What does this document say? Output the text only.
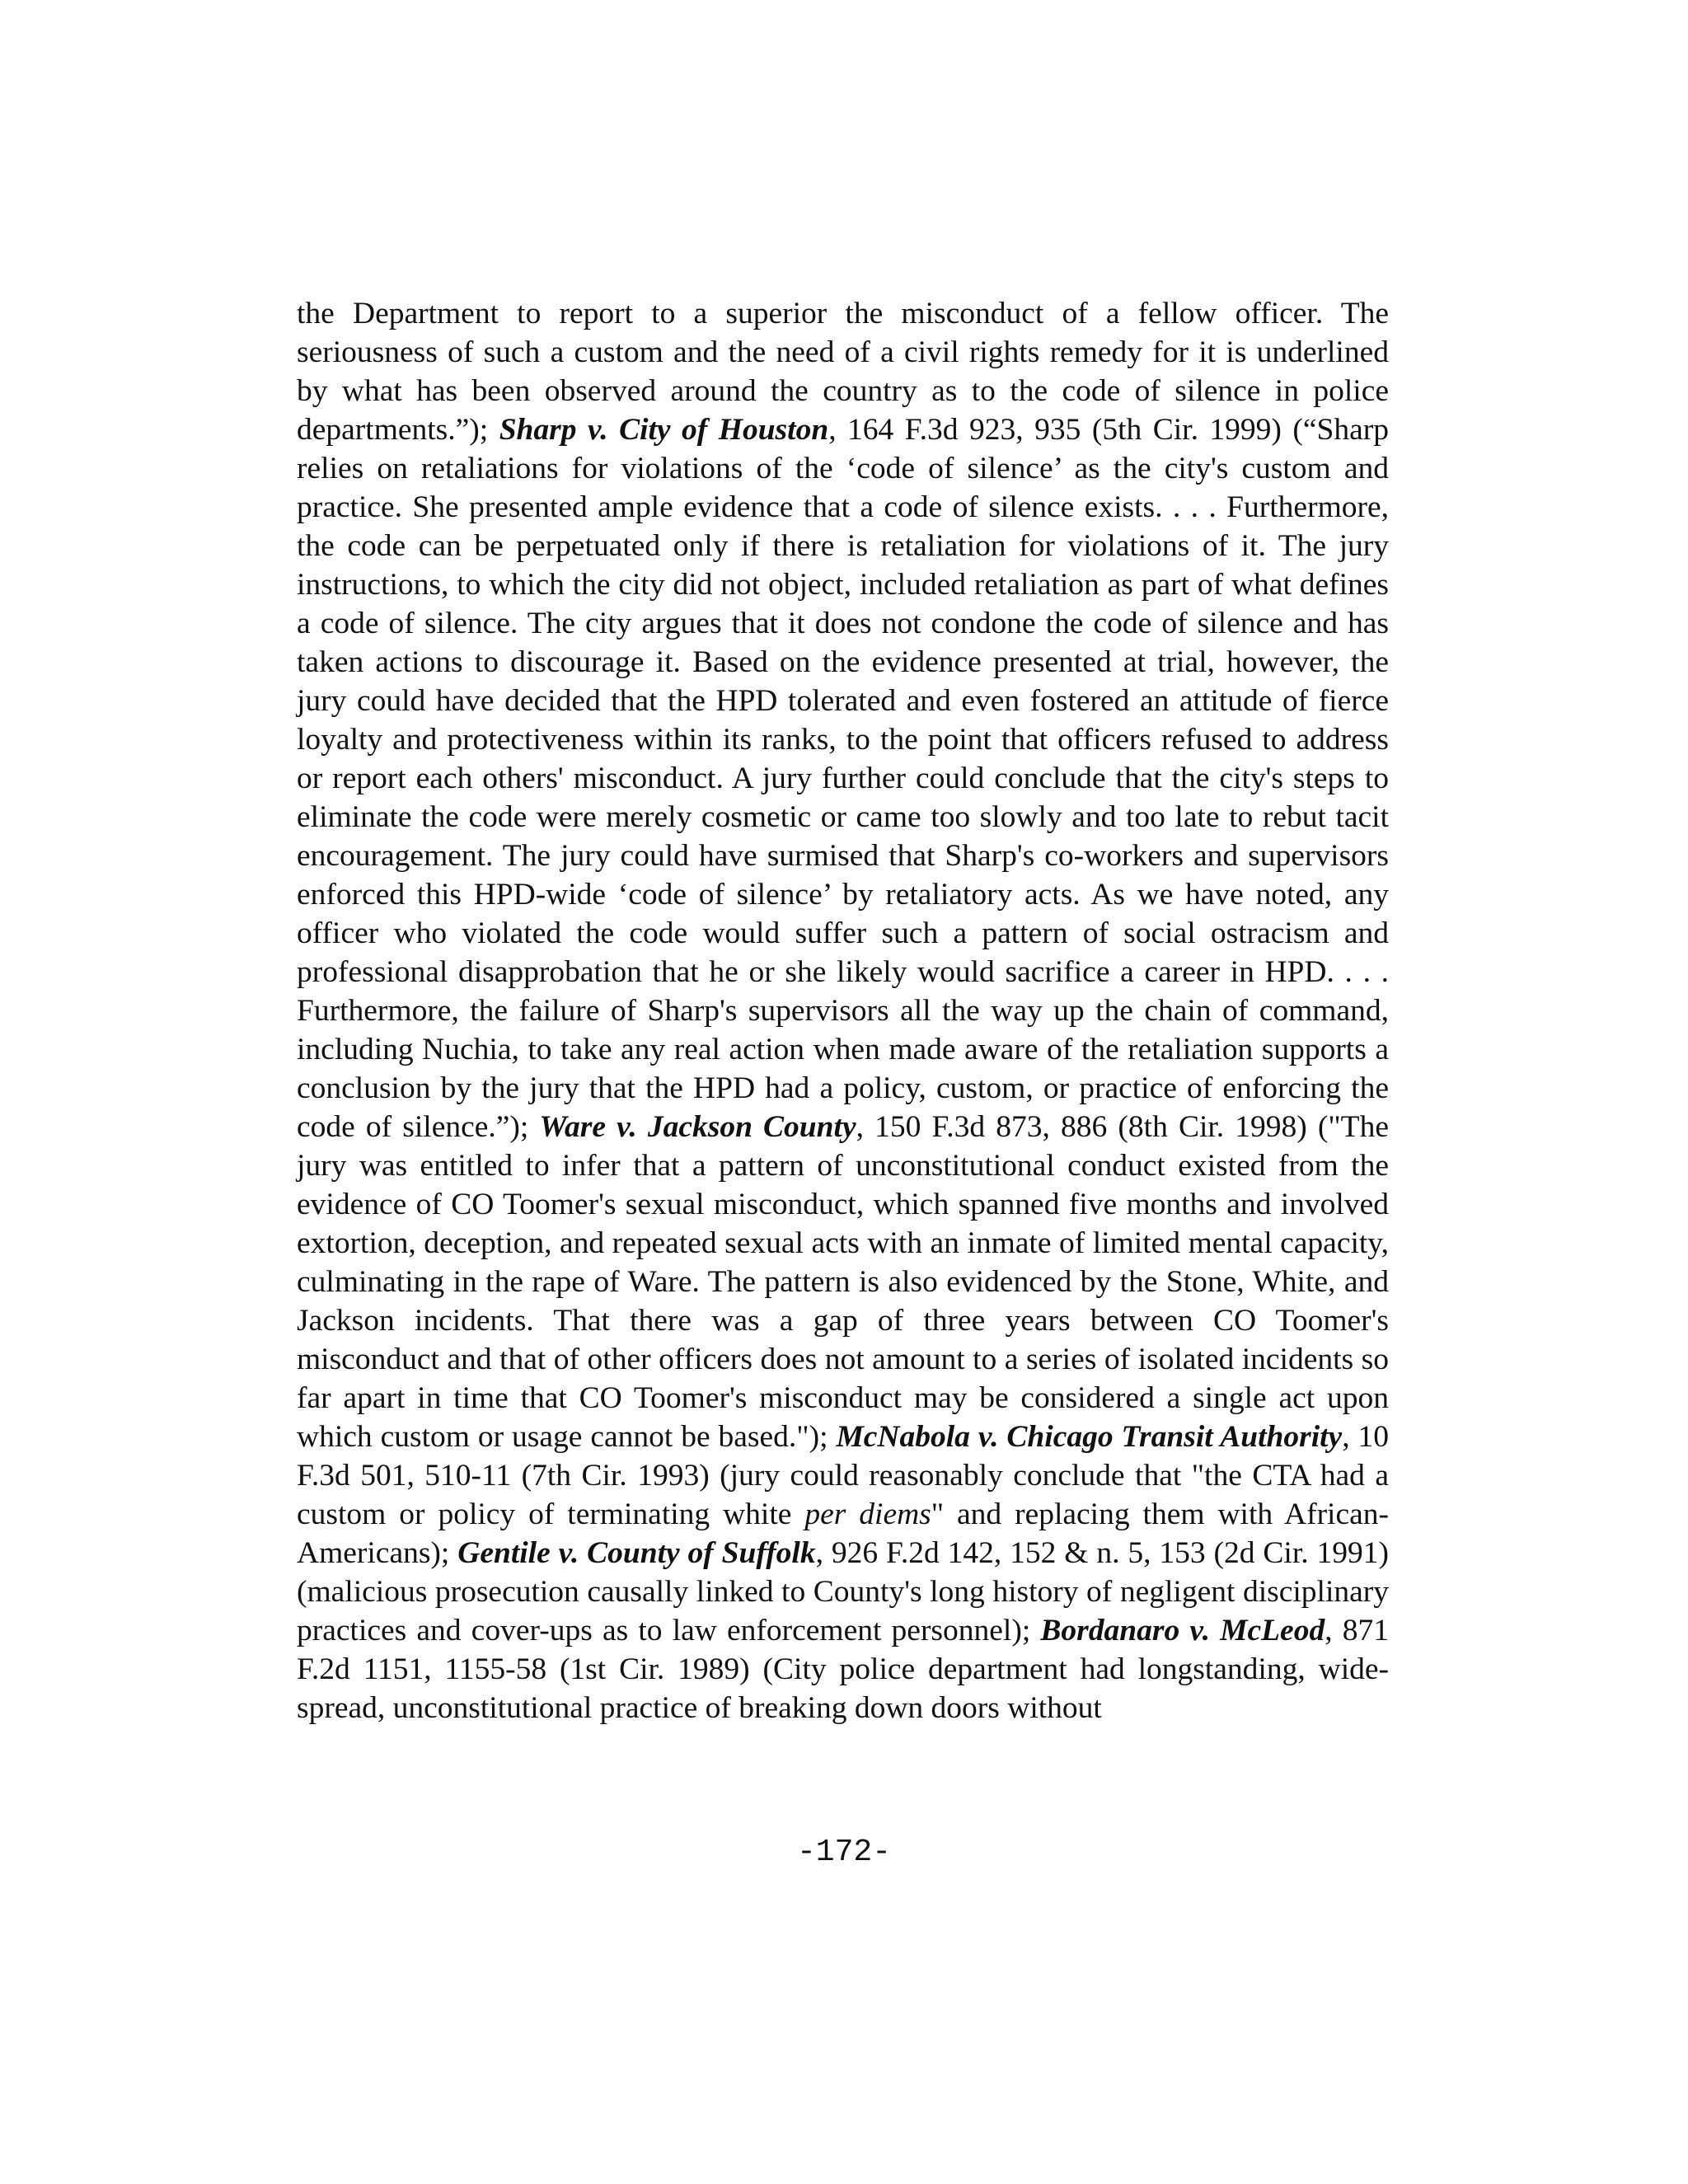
the Department to report to a superior the misconduct of a fellow officer. The seriousness of such a custom and the need of a civil rights remedy for it is underlined by what has been observed around the country as to the code of silence in police departments.”); Sharp v. City of Houston, 164 F.3d 923, 935 (5th Cir. 1999) (“Sharp relies on retaliations for violations of the ‘code of silence’ as the city's custom and practice. She presented ample evidence that a code of silence exists. . . . Furthermore, the code can be perpetuated only if there is retaliation for violations of it. The jury instructions, to which the city did not object, included retaliation as part of what defines a code of silence. The city argues that it does not condone the code of silence and has taken actions to discourage it. Based on the evidence presented at trial, however, the jury could have decided that the HPD tolerated and even fostered an attitude of fierce loyalty and protectiveness within its ranks, to the point that officers refused to address or report each others' misconduct. A jury further could conclude that the city's steps to eliminate the code were merely cosmetic or came too slowly and too late to rebut tacit encouragement. The jury could have surmised that Sharp's co-workers and supervisors enforced this HPD-wide ‘code of silence’ by retaliatory acts. As we have noted, any officer who violated the code would suffer such a pattern of social ostracism and professional disapprobation that he or she likely would sacrifice a career in HPD. . . . Furthermore, the failure of Sharp's supervisors all the way up the chain of command, including Nuchia, to take any real action when made aware of the retaliation supports a conclusion by the jury that the HPD had a policy, custom, or practice of enforcing the code of silence.”); Ware v. Jackson County, 150 F.3d 873, 886 (8th Cir. 1998) ("The jury was entitled to infer that a pattern of unconstitutional conduct existed from the evidence of CO Toomer's sexual misconduct, which spanned five months and involved extortion, deception, and repeated sexual acts with an inmate of limited mental capacity, culminating in the rape of Ware. The pattern is also evidenced by the Stone, White, and Jackson incidents. That there was a gap of three years between CO Toomer's misconduct and that of other officers does not amount to a series of isolated incidents so far apart in time that CO Toomer's misconduct may be considered a single act upon which custom or usage cannot be based."); McNabola v. Chicago Transit Authority, 10 F.3d 501, 510-11 (7th Cir. 1993) (jury could reasonably conclude that "the CTA had a custom or policy of terminating white per diems" and replacing them with African-Americans); Gentile v. County of Suffolk, 926 F.2d 142, 152 & n. 5, 153 (2d Cir. 1991) (malicious prosecution causally linked to County's long history of negligent disciplinary practices and cover-ups as to law enforcement personnel); Bordanaro v. McLeod, 871 F.2d 1151, 1155-58 (1st Cir. 1989) (City police department had longstanding, wide-spread, unconstitutional practice of breaking down doors without

-172-
